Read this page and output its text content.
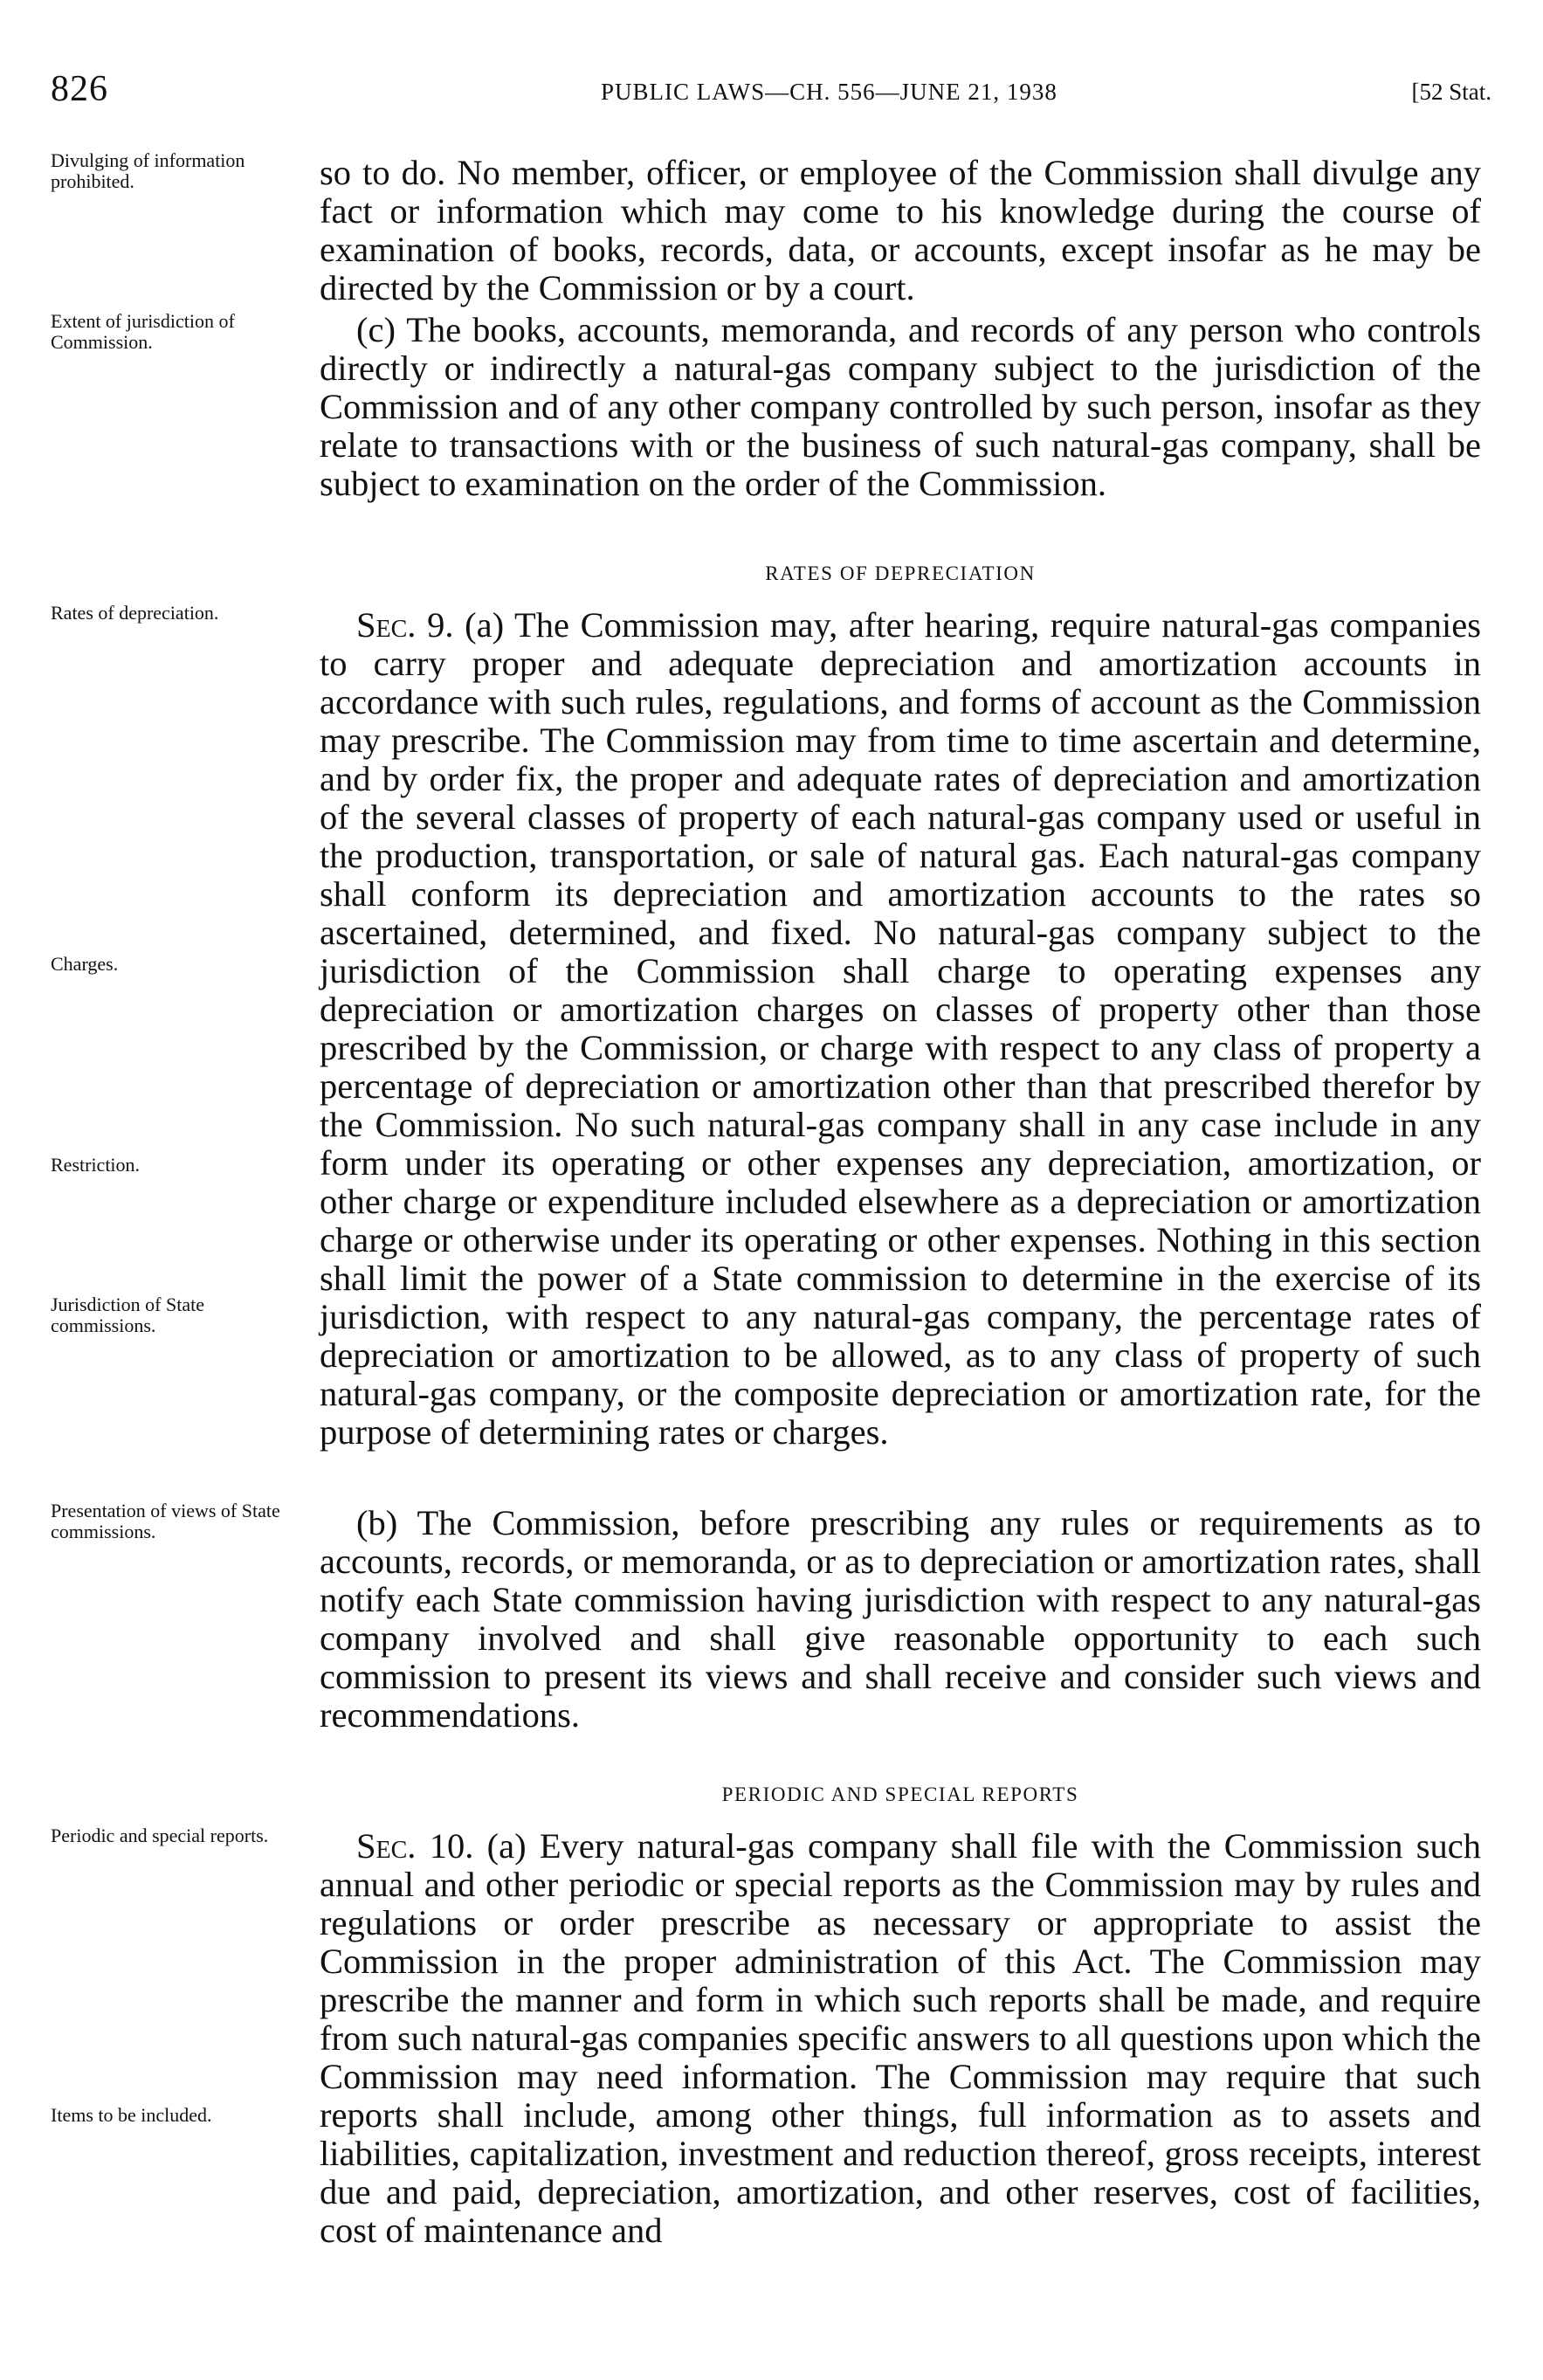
826	PUBLIC LAWS—CH. 556—JUNE 21, 1938	[52 Stat.
Divulging of information prohibited.
Extent of jurisdiction of Commission.
Rates of depreciation.
Charges.
Restriction.
Jurisdiction of State commissions.
Presentation of views of State commissions.
Periodic and special reports.
Items to be included.
so to do. No member, officer, or employee of the Commission shall divulge any fact or information which may come to his knowledge during the course of examination of books, records, data, or accounts, except insofar as he may be directed by the Commission or by a court.
(c) The books, accounts, memoranda, and records of any person who controls directly or indirectly a natural-gas company subject to the jurisdiction of the Commission and of any other company controlled by such person, insofar as they relate to transactions with or the business of such natural-gas company, shall be subject to examination on the order of the Commission.
RATES OF DEPRECIATION
Sec. 9. (a) The Commission may, after hearing, require natural-gas companies to carry proper and adequate depreciation and amortization accounts in accordance with such rules, regulations, and forms of account as the Commission may prescribe. The Commission may from time to time ascertain and determine, and by order fix, the proper and adequate rates of depreciation and amortization of the several classes of property of each natural-gas company used or useful in the production, transportation, or sale of natural gas. Each natural-gas company shall conform its depreciation and amortization accounts to the rates so ascertained, determined, and fixed. No natural-gas company subject to the jurisdiction of the Commission shall charge to operating expenses any depreciation or amortization charges on classes of property other than those prescribed by the Commission, or charge with respect to any class of property a percentage of depreciation or amortization other than that prescribed therefor by the Commission. No such natural-gas company shall in any case include in any form under its operating or other expenses any depreciation, amortization, or other charge or expenditure included elsewhere as a depreciation or amortization charge or otherwise under its operating or other expenses. Nothing in this section shall limit the power of a State commission to determine in the exercise of its jurisdiction, with respect to any natural-gas company, the percentage rates of depreciation or amortization to be allowed, as to any class of property of such natural-gas company, or the composite depreciation or amortization rate, for the purpose of determining rates or charges.
(b) The Commission, before prescribing any rules or requirements as to accounts, records, or memoranda, or as to depreciation or amortization rates, shall notify each State commission having jurisdiction with respect to any natural-gas company involved and shall give reasonable opportunity to each such commission to present its views and shall receive and consider such views and recommendations.
PERIODIC AND SPECIAL REPORTS
Sec. 10. (a) Every natural-gas company shall file with the Commission such annual and other periodic or special reports as the Commission may by rules and regulations or order prescribe as necessary or appropriate to assist the Commission in the proper administration of this Act. The Commission may prescribe the manner and form in which such reports shall be made, and require from such natural-gas companies specific answers to all questions upon which the Commission may need information. The Commission may require that such reports shall include, among other things, full information as to assets and liabilities, capitalization, investment and reduction thereof, gross receipts, interest due and paid, depreciation, amortization, and other reserves, cost of facilities, cost of maintenance and
